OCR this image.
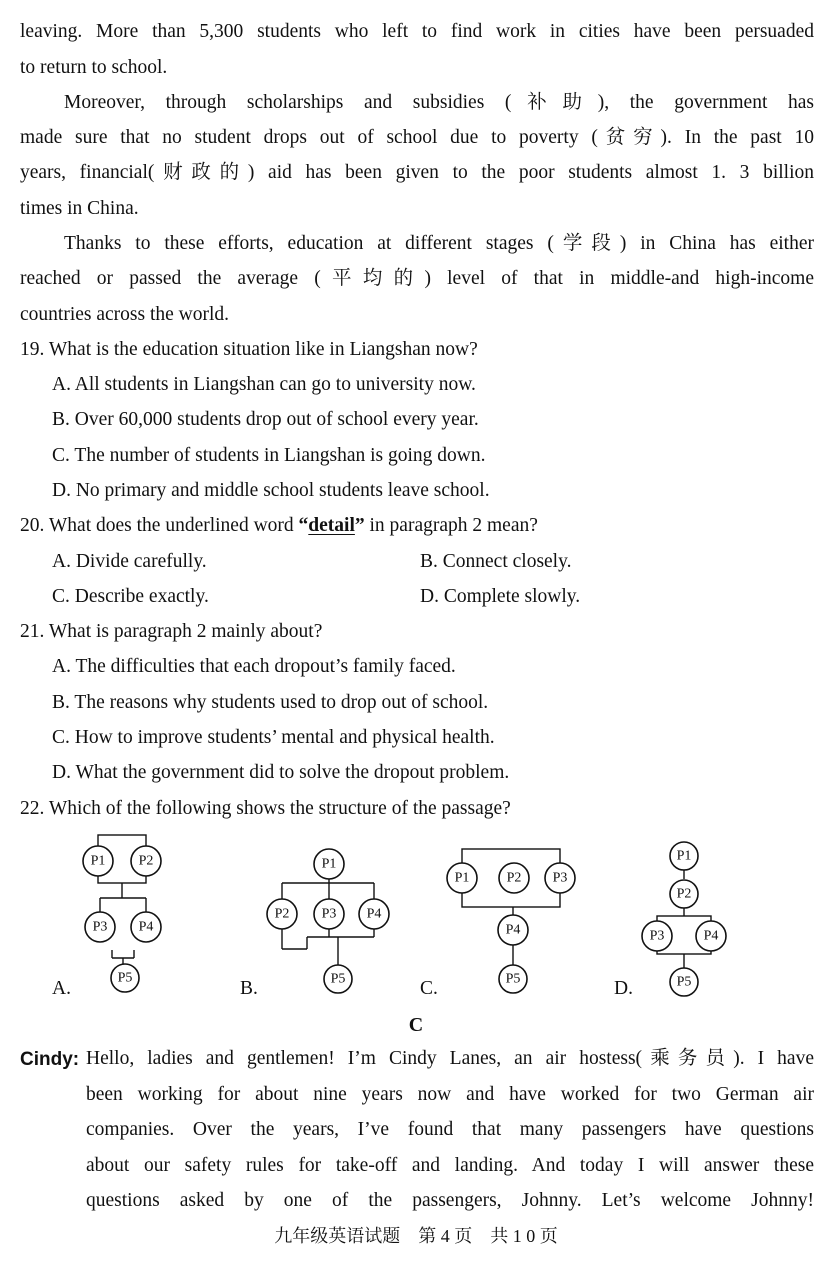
leaving. More than 5,300 students who left to find work in cities have been persuaded
to return to school.
Moreover, through scholarships and subsidies (补助), the government has
made sure that no student drops out of school due to poverty (贫穷). In the past 10
years, financial(财政的) aid has been given to the poor students almost 1. 3 billion
times in China.
Thanks to these efforts, education at different stages (学段) in China has either
reached or passed the average (平均的) level of that in middle-and high-income
countries across the world.
19. What is the education situation like in Liangshan now?
A. All students in Liangshan can go to university now.
B. Over 60,000 students drop out of school every year.
C. The number of students in Liangshan is going down.
D. No primary and middle school students leave school.
20. What does the underlined word “detail” in paragraph 2 mean?
A. Divide carefully.	B. Connect closely.
C. Describe exactly.	D. Complete slowly.
21. What is paragraph 2 mainly about?
A. The difficulties that each dropout’s family faced.
B. The reasons why students used to drop out of school.
C. How to improve students’ mental and physical health.
D. What the government did to solve the dropout problem.
22. Which of the following shows the structure of the passage?
P1 P2
P3 P4
P5
A.
P1
P2 P3 P4
P5
B.
P1	P2 P3
P4
P5
C.
P1
P2
P3	P4
P5
D.
C
Cindy: Hello, ladies and gentlemen! I’m Cindy Lanes, an air hostess(乘务员). I have
been working for about nine years now and have worked for two German air
companies. Over the years, I’ve found that many passengers have questions
about our safety rules for take-off and landing. And today I will answer these
questions asked by one of the passengers, Johnny. Let’s welcome Johnny!
九年级英语试题　第 4 页　共 1 0 页
